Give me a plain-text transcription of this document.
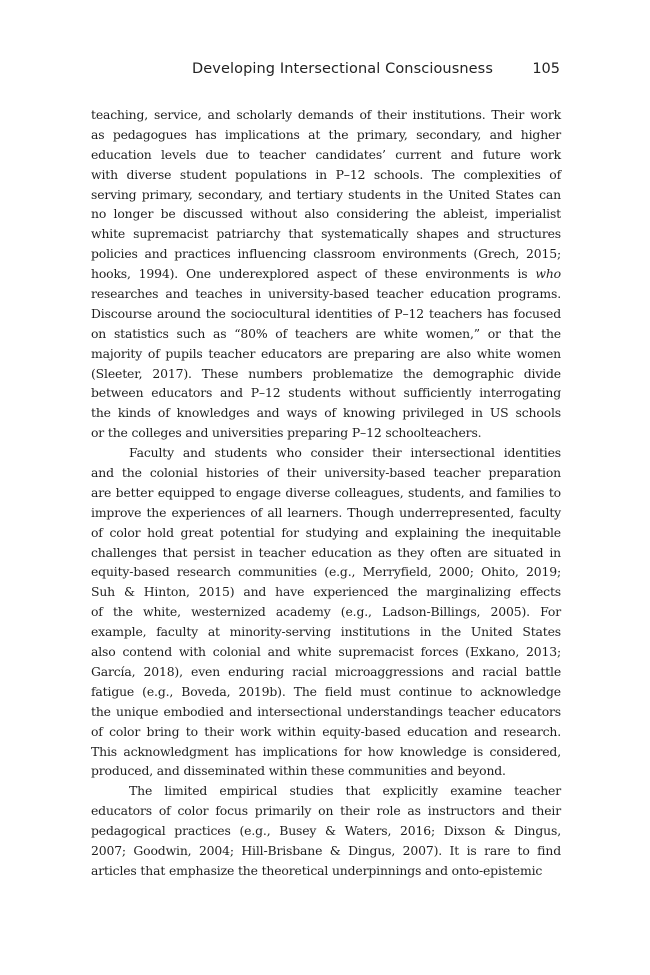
Developing Intersectional Consciousness	105
teaching, service, and scholarly demands of their institutions. Their work
as pedagogues has implications at the primary, secondary, and higher
education levels due to teacher candidates’ current and future work
with diverse student populations in P–12 schools. The complexities of
serving primary, secondary, and tertiary students in the United States can
no longer be discussed without also considering the ableist, imperialist
white supremacist patriarchy that systematically shapes and structures
policies and practices influencing classroom environments (Grech, 2015;
hooks, 1994). One underexplored aspect of these environments is who
researches and teaches in university-based teacher education programs.
Discourse around the sociocultural identities of P–12 teachers has focused
on statistics such as “80% of teachers are white women,” or that the
majority of pupils teacher educators are preparing are also white women
(Sleeter, 2017). These numbers problematize the demographic divide
between educators and P–12 students without sufficiently interrogating
the kinds of knowledges and ways of knowing privileged in US schools
or the colleges and universities preparing P–12 schoolteachers.
Faculty and students who consider their intersectional identities
and the colonial histories of their university-based teacher preparation
are better equipped to engage diverse colleagues, students, and families to
improve the experiences of all learners. Though underrepresented, faculty
of color hold great potential for studying and explaining the inequitable
challenges that persist in teacher education as they often are situated in
equity-based research communities (e.g., Merryfield, 2000; Ohito, 2019;
Suh & Hinton, 2015) and have experienced the marginalizing effects
of the white, westernized academy (e.g., Ladson-Billings, 2005). For
example, faculty at minority-serving institutions in the United States
also contend with colonial and white supremacist forces (Exkano, 2013;
García, 2018), even enduring racial microaggressions and racial battle
fatigue (e.g., Boveda, 2019b). The field must continue to acknowledge
the unique embodied and intersectional understandings teacher educators
of color bring to their work within equity-based education and research.
This acknowledgment has implications for how knowledge is considered,
produced, and disseminated within these communities and beyond.
The limited empirical studies that explicitly examine teacher
educators of color focus primarily on their role as instructors and their
pedagogical practices (e.g., Busey & Waters, 2016; Dixson & Dingus,
2007; Goodwin, 2004; Hill-Brisbane & Dingus, 2007). It is rare to find
articles that emphasize the theoretical underpinnings and onto-epistemic
